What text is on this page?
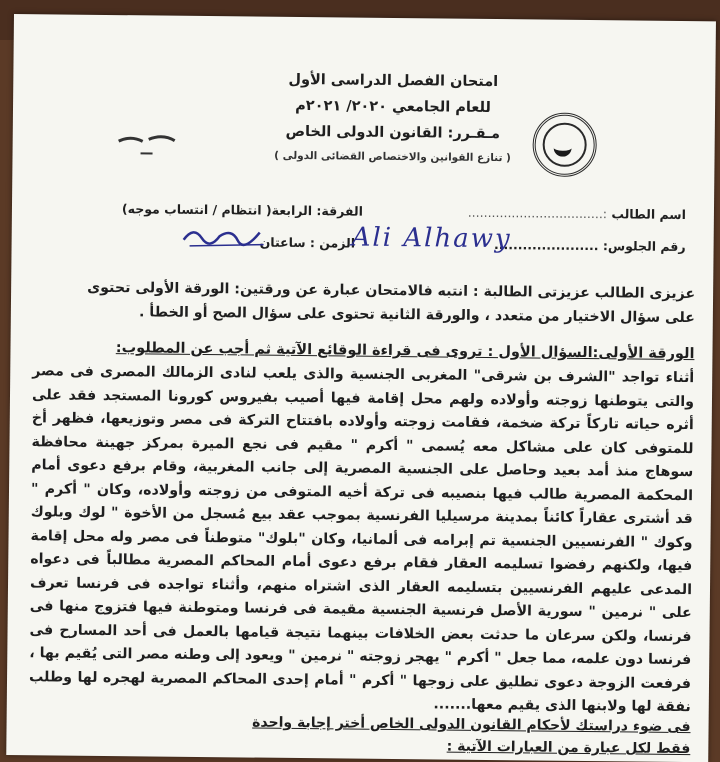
امتحان الفصل الدراسى الأول
للعام الجامعي ٢٠٢٠/ ٢٠٢١م
مـقـرر: القانون الدولى الخاص
( تنازع القوانين والاختصاص القضائى الدولى )
اسم الطالب :..................................
الفرقة: الرابعة( انتظام / انتساب موجه)
رقم الجلوس: ......................
الزمن : ساعتان
Ali Alhawy
عزيزى الطالب عزيزتى الطالبة : انتبه فالامتحان عبارة عن ورقتين: الورقة الأولى تحتوى
على سؤال الاختيار من متعدد ، والورقة الثانية تحتوى على سؤال الصح أو الخطأ .
الورقة الأولى:السؤال الأول : تروى فى قراءة الوقائع الآتية ثم أجب عن المطلوب:
أثناء تواجد "الشرف بن شرقى" المغربى الجنسية والذى يلعب لنادى الزمالك المصرى فى مصر والتى يتوطنها زوجته وأولاده ولهم محل إقامة فيها أصيب بفيروس كورونا المستجد فقد على أثره حياته تاركاً تركة ضخمة، فقامت زوجته وأولاده بافتتاح التركة فى مصر وتوزيعها، فظهر أخ للمتوفى كان على مشاكل معه يُسمى " أكرم " مقيم فى نجع الميرة بمركز جهينة محافظة سوهاج منذ أمد بعيد وحاصل على الجنسية المصرية إلى جانب المغربية، وقام برفع دعوى أمام المحكمة المصرية طالب فيها بنصيبه فى تركة أخيه المتوفى من زوجته وأولاده، وكان " أكرم " قد أشترى عقاراً كائناً بمدينة مرسيليا الفرنسية بموجب عقد بيع مُسجل من الأخوة " لوك وبلوك وكوك " الفرنسيين الجنسية تم إبرامه فى ألمانيا، وكان "بلوك" متوطناً فى مصر وله محل إقامة فيها، ولكنهم رفضوا تسليمه العقار فقام برفع دعوى أمام المحاكم المصرية مطالباً فى دعواه المدعى عليهم الفرنسيين بتسليمه العقار الذى اشتراه منهم، وأثناء تواجده فى فرنسا تعرف على " نرمين " سورية الأصل فرنسية الجنسية مقيمة فى فرنسا ومتوطنة فيها فتزوج منها فى فرنسا، ولكن سرعان ما حدثت بعض الخلافات بينهما نتيجة قيامها بالعمل فى أحد المسارح فى فرنسا دون علمه، مما جعل " أكرم " يهجر زوجته " نرمين " ويعود إلى وطنه مصر التى يُقيم بها ، فرفعت الزوجة دعوى تطليق على زوجها " أكرم " أمام إحدى المحاكم المصرية لهجره لها وطلب نفقة لها ولابنها الذى يقيم معها.......
فى ضوء دراستك لأحكام القانون الدولى الخاص أختر إجابة واحدة
فقط لكل عبارة من العبارات الآتية :
